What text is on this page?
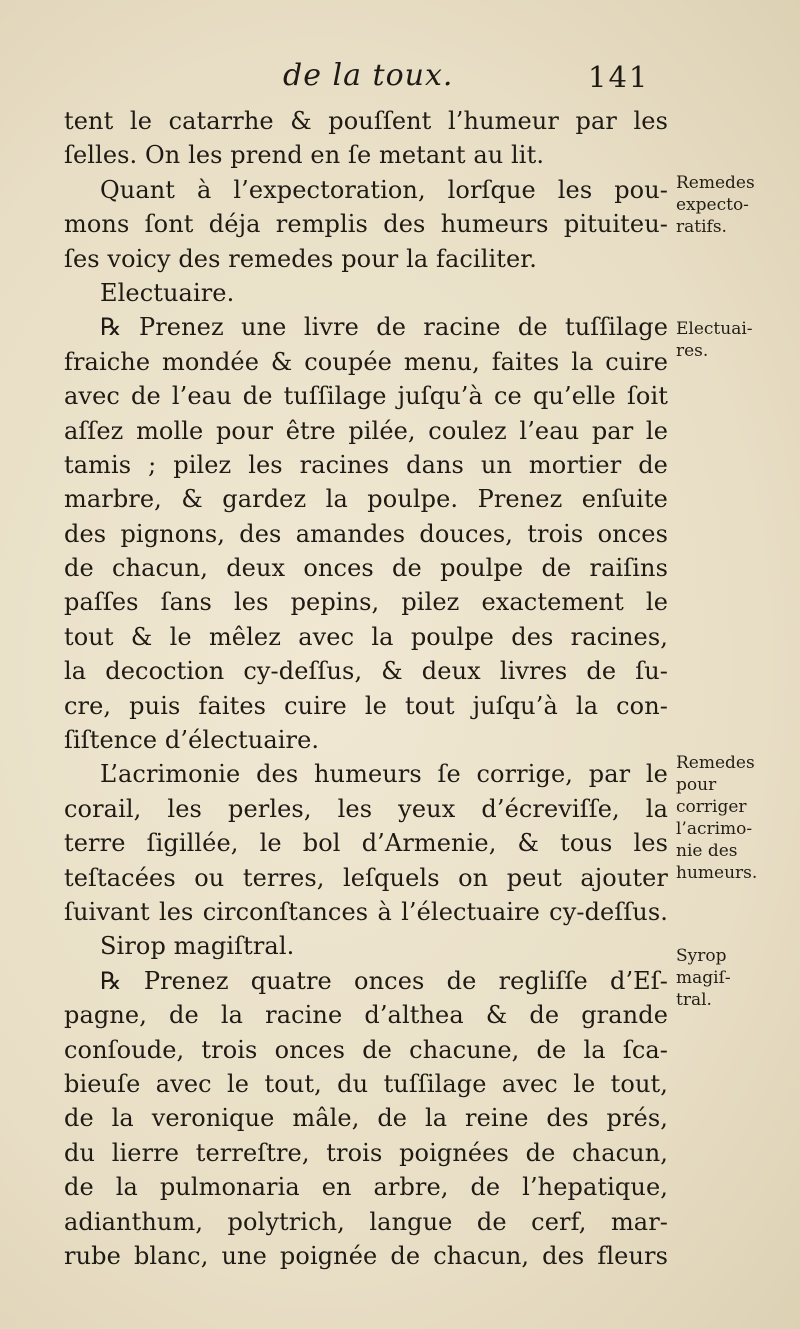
de la toux.	141
tent le catarrhe & pouſſent l’humeur par les
ſelles. On les prend en ſe metant au lit.
Quant à l’expectoration, lorſque les pou-
mons ſont déja remplis des humeurs pituiteu-
ſes voicy des remedes pour la faciliter.
Electuaire.
℞ Prenez une livre de racine de tuſſilage
fraiche mondée & coupée menu, faites la cuire
avec de l’eau de tuſſilage juſqu’à ce qu’elle ſoit
aſſez molle pour être pilée, coulez l’eau par le
tamis ; pilez les racines dans un mortier de
marbre, & gardez la poulpe. Prenez enſuite
des pignons, des amandes douces, trois onces
de chacun, deux onces de poulpe de raiſins
paſſes ſans les pepins, pilez exactement le
tout & le mêlez avec la poulpe des racines,
la decoction cy-deſſus, & deux livres de ſu-
cre, puis faites cuire le tout juſqu’à la con-
ſiſtence d’électuaire.
L’acrimonie des humeurs ſe corrige, par le
corail, les perles, les yeux d’écreviſſe, la
terre ſigillée, le bol d’Armenie, & tous les
teſtacées ou terres, leſquels on peut ajouter
ſuivant les circonſtances à l’électuaire cy-deſſus.
Sirop magiſtral.
℞ Prenez quatre onces de regliſſe d’Eſ-
pagne, de la racine d’althea & de grande
conſoude, trois onces de chacune, de la ſca-
bieuſe avec le tout, du tuſſilage avec le tout,
de la veronique mâle, de la reine des prés,
du lierre terreſtre, trois poignées de chacun,
de la pulmonaria en arbre, de l’hepatique,
adianthum, polytrich, langue de cerf, mar-
rube blanc, une poignée de chacun, des fleurs
Remedes
expecto-
ratifs.
Electuai-
res.
Remedes
pour
corriger
l’acrimo-
nie des
humeurs.
Syrop
magiſ-
tral.
